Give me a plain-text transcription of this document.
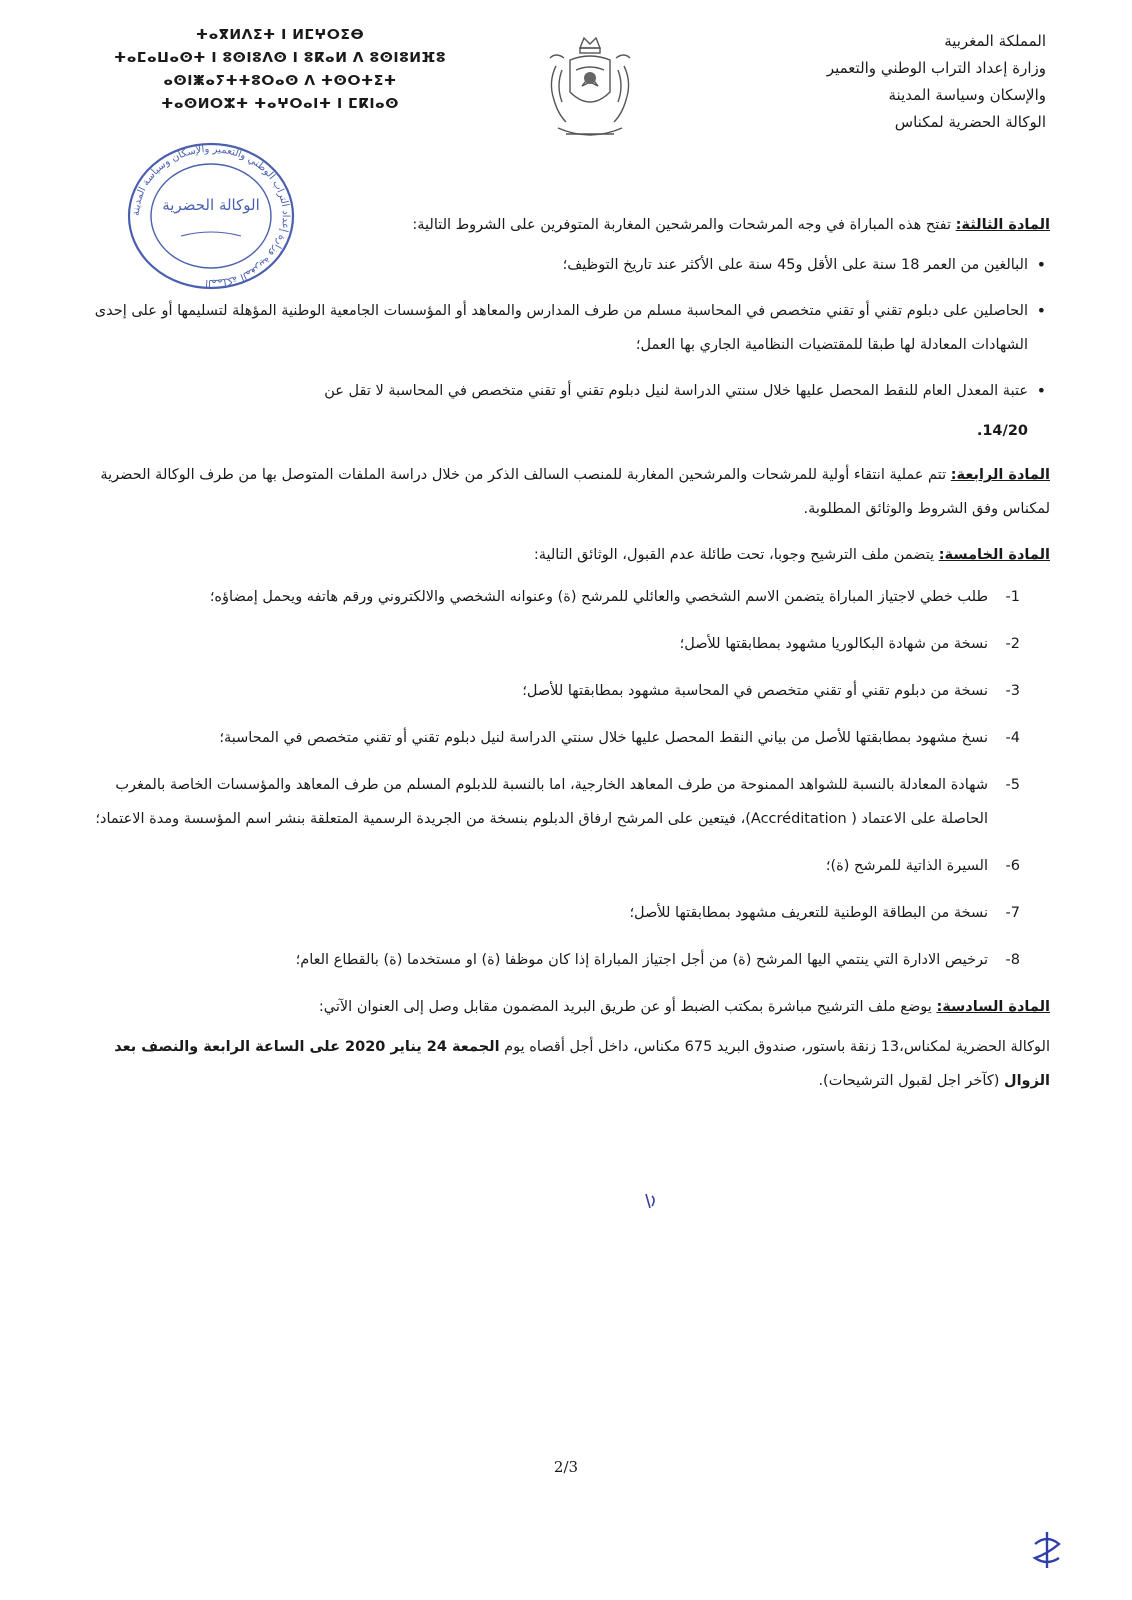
المملكة المغربية
وزارة إعداد التراب الوطني والتعمير
والإسكان وسياسة المدينة
الوكالة الحضرية لمكناس
ⵜⴰⴳⵍⴷⵉⵜ ⵏ ⵍⵎⵖⵔⵉⴱ
ⵜⴰⵎⴰⵡⴰⵙⵜ ⵏ ⵓⵙⵏⵓⴷⵙ ⵏ ⵓⴽⴰⵍ ⴷ ⵓⵙⵏⵓⵍⴼⵓ
ⴰⵙⵏⵥⴰⵢⵜⵜⵓⵔⴰⵙ ⴷ ⵜⵙⵔⵜⵉⵜ
ⵜⴰⵙⵍⵔⵣⵜ ⵜⴰⵖⵔⴰⵏⵜ ⵏ ⵎⴽⵏⴰⵙ
المملكة المغربية وزارة إعداد التراب الوطني والتعمير والإسكان وسياسة المدينة
الوكالة الحضرية

المادة الثالثة: تفتح هذه المباراة في وجه المرشحات والمرشحين المغاربة المتوفرين على الشروط التالية:

• البالغين من العمر 18 سنة على الأقل و45 سنة على الأكثر عند تاريخ التوظيف؛
• الحاصلين على دبلوم تقني أو تقني متخصص في المحاسبة مسلم من طرف المدارس والمعاهد أو المؤسسات الجامعية الوطنية المؤهلة لتسليمها أو على إحدى الشهادات المعادلة لها طبقا للمقتضيات النظامية الجاري بها العمل؛
• عتبة المعدل العام للنقط المحصل عليها خلال سنتي الدراسة لنيل دبلوم تقني أو تقني متخصص في المحاسبة لا تقل عن
14/20.

المادة الرابعة: تتم عملية انتقاء أولية للمرشحات والمرشحين المغاربة للمنصب السالف الذكر من خلال دراسة الملفات المتوصل بها من طرف الوكالة الحضرية لمكناس وفق الشروط والوثائق المطلوبة.

المادة الخامسة: يتضمن ملف الترشيح وجوبا، تحت طائلة عدم القبول، الوثائق التالية:

1-
طلب خطي لاجتياز المباراة يتضمن الاسم الشخصي والعائلي للمرشح (ة) وعنوانه الشخصي والالكتروني ورقم هاتفه ويحمل إمضاؤه؛
2-
نسخة من شهادة البكالوريا مشهود بمطابقتها للأصل؛
3-
نسخة من دبلوم تقني أو تقني متخصص في المحاسبة مشهود بمطابقتها للأصل؛
4-
نسخ مشهود بمطابقتها للأصل من بياني النقط المحصل عليها خلال سنتي الدراسة لنيل دبلوم تقني أو تقني متخصص في المحاسبة؛
5-
شهادة المعادلة بالنسبة للشواهد الممنوحة من طرف المعاهد الخارجية، اما بالنسبة للدبلوم المسلم من طرف المعاهد والمؤسسات الخاصة بالمغرب الحاصلة على الاعتماد ( Accréditation)، فيتعين على المرشح ارفاق الدبلوم بنسخة من الجريدة الرسمية المتعلقة بنشر اسم المؤسسة ومدة الاعتماد؛
6-
السيرة الذاتية للمرشح (ة)؛
7-
نسخة من البطاقة الوطنية للتعريف مشهود بمطابقتها للأصل؛
8-
ترخيص الادارة التي ينتمي اليها المرشح (ة) من أجل اجتياز المباراة إذا كان موظفا (ة) او مستخدما (ة) بالقطاع العام؛

المادة السادسة: يوضع ملف الترشيح مباشرة بمكتب الضبط أو عن طريق البريد المضمون مقابل وصل إلى العنوان الآتي:

الوكالة الحضرية لمكناس،13 زنقة باستور، صندوق البريد 675 مكناس، داخل أجل أقصاه يوم الجمعة 24 يناير 2020 على الساعة الرابعة والنصف بعد الزوال (كآخر اجل لقبول الترشيحات).

2/3
